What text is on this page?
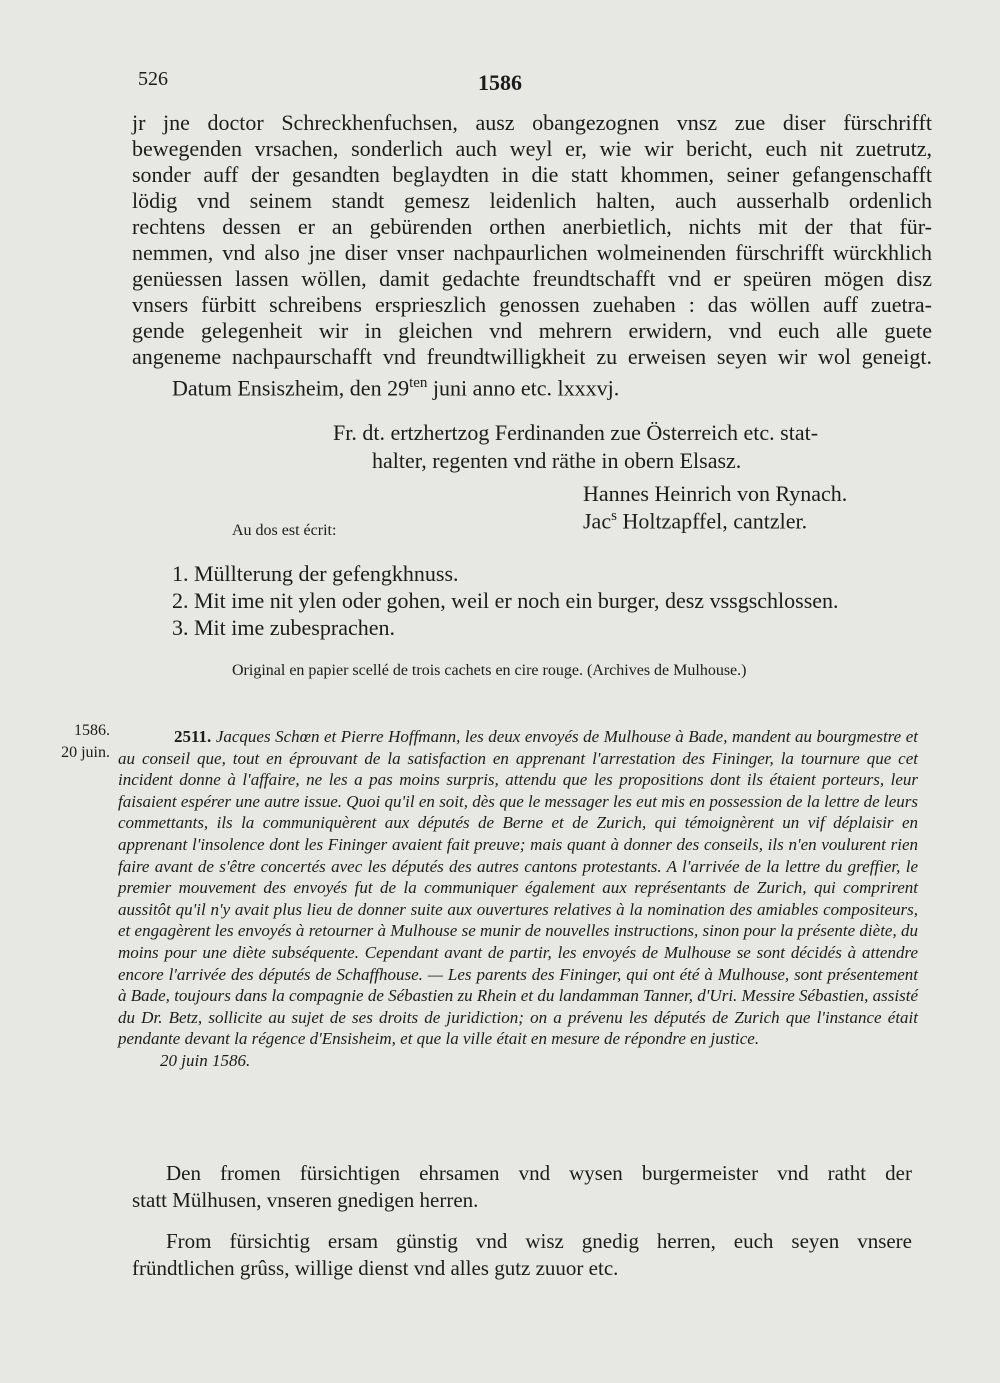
526	1586
jr jne doctor Schreckhenfuchsen, ausz obangezognen vnsz zue diser fürschrifft
bewegenden vrsachen, sonderlich auch weyl er, wie wir bericht, euch nit zuetrutz,
sonder auff der gesandten beglaydten in die statt khommen, seiner gefangenschafft
lödig vnd seinem standt gemesz leidenlich halten, auch ausserhalb ordenlich
rechtens dessen er an gebürenden orthen anerbietlich, nichts mit der that für-
nemmen, vnd also jne diser vnser nachpaurlichen wolmeinenden fürschrifft würckhlich
genüessen lassen wöllen, damit gedachte freundtschafft vnd er speüren mögen disz
vnsers fürbitt schreibens ersprieszlich genossen zuehaben : das wöllen auff zuetra-
gende gelegenheit wir in gleichen vnd mehrern erwidern, vnd euch alle guete
angeneme nachpaurschafft vnd freundtwilligkheit zu erweisen seyen wir wol geneigt.
Datum Ensiszheim, den $29^{ten}$ juni anno etc. lxxxvj.
Fr. dt. ertzhertzog Ferdinanden zue Österreich etc. stat-
halter, regenten vnd räthe in obern Elsasz.
Hannes Heinrich von Rynach.
Jac$^s$ Holtzapffel, cantzler.
Au dos est écrit:
1. Müllterung der gefengkhnuss.
2. Mit ime nit ylen oder gohen, weil er noch ein burger, desz vssgschlossen.
3. Mit ime zubesprachen.
Original en papier scellé de trois cachets en cire rouge. (Archives de Mulhouse.)
1586.
20 juin.

2511. Jacques Schœn et Pierre Hoffmann, les deux envoyés de Mulhouse à Bade, mandent au bourgmestre et au conseil que, tout en éprouvant de la satisfaction en apprenant l'arrestation des Fininger, la tournure que cet incident donne à l'affaire, ne les a pas moins surpris, attendu que les propositions dont ils étaient porteurs, leur faisaient espérer une autre issue. Quoi qu'il en soit, dès que le messager les eut mis en possession de la lettre de leurs commettants, ils la communiquèrent aux députés de Berne et de Zurich, qui témoignèrent un vif déplaisir en apprenant l'insolence dont les Fininger avaient fait preuve; mais quant à donner des conseils, ils n'en voulurent rien faire avant de s'être concertés avec les députés des autres cantons protestants. A l'arrivée de la lettre du greffier, le premier mouvement des envoyés fut de la communiquer également aux représentants de Zurich, qui comprirent aussitôt qu'il n'y avait plus lieu de donner suite aux ouvertures relatives à la nomination des amiables compositeurs, et engagèrent les envoyés à retourner à Mulhouse se munir de nouvelles instructions, sinon pour la présente diète, du moins pour une diète subséquente. Cependant avant de partir, les envoyés de Mulhouse se sont décidés à attendre encore l'arrivée des députés de Schaffhouse. — Les parents des Fininger, qui ont été à Mulhouse, sont présentement à Bade, toujours dans la compagnie de Sébastien zu Rhein et du landamman Tanner, d'Uri. Messire Sébastien, assisté du Dr. Betz, sollicite au sujet de ses droits de juridiction; on a prévenu les députés de Zurich que l'instance était pendante devant la régence d'Ensisheim, et que la ville était en mesure de répondre en justice.
20 juin 1586.

Den fromen fürsichtigen ehrsamen vnd wysen burgermeister vnd ratht der
statt Mülhusen, vnseren gnedigen herren.
From fürsichtig ersam günstig vnd wisz gnedig herren, euch seyen vnsere
fründtlichen grûss, willige dienst vnd alles gutz zuuor etc.
